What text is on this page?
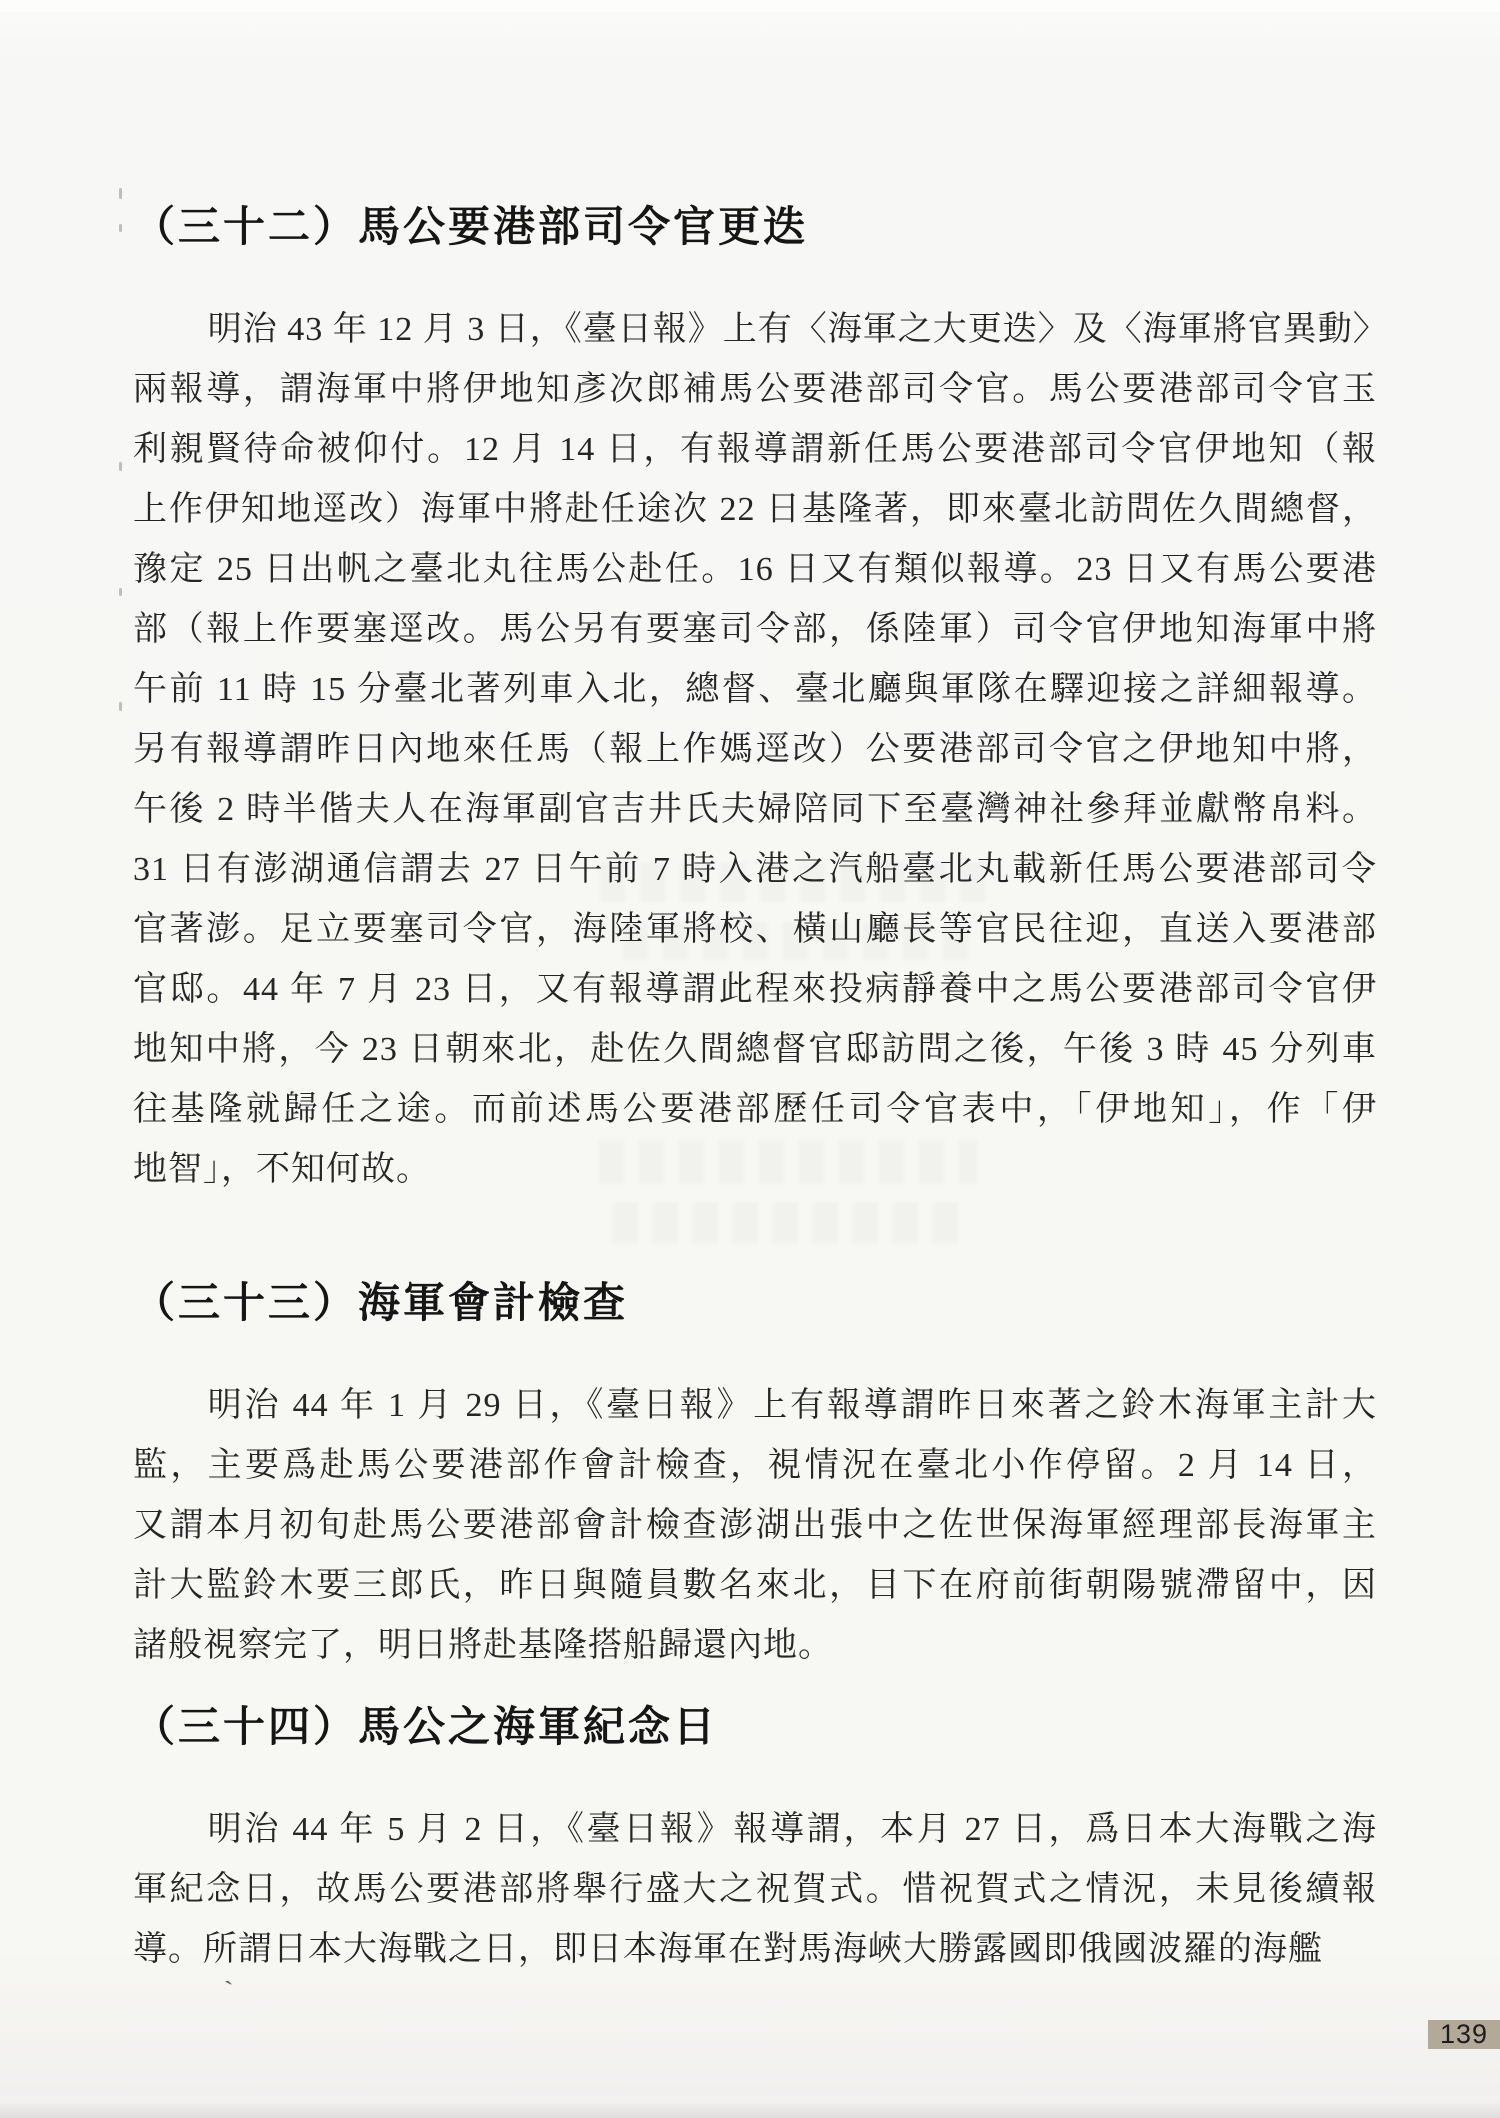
（三十二）馬公要港部司令官更迭
明治 43 年 12 月 3 日，《臺日報》上有〈海軍之大更迭〉及〈海軍將官異動〉
兩報導，謂海軍中將伊地知彥次郎補馬公要港部司令官。馬公要港部司令官玉
利親賢待命被仰付。12 月 14 日，有報導謂新任馬公要港部司令官伊地知（報
上作伊知地逕改）海軍中將赴任途次 22 日基隆著，即來臺北訪問佐久間總督，
豫定 25 日出帆之臺北丸往馬公赴任。16 日又有類似報導。23 日又有馬公要港
部（報上作要塞逕改。馬公另有要塞司令部，係陸軍）司令官伊地知海軍中將
午前 11 時 15 分臺北著列車入北，總督、臺北廳與軍隊在驛迎接之詳細報導。
另有報導謂昨日內地來任馬（報上作媽逕改）公要港部司令官之伊地知中將，
午後 2 時半偕夫人在海軍副官吉井氏夫婦陪同下至臺灣神社參拜並獻幣帛料。
31 日有澎湖通信謂去 27 日午前 7 時入港之汽船臺北丸載新任馬公要港部司令
官著澎。足立要塞司令官，海陸軍將校、橫山廳長等官民往迎，直送入要港部
官邸。44 年 7 月 23 日，又有報導謂此程來投病靜養中之馬公要港部司令官伊
地知中將，今 23 日朝來北，赴佐久間總督官邸訪問之後，午後 3 時 45 分列車
往基隆就歸任之途。而前述馬公要港部歷任司令官表中，「伊地知」，作「伊
地智」，不知何故。
（三十三）海軍會計檢查
明治 44 年 1 月 29 日，《臺日報》上有報導謂昨日來著之鈴木海軍主計大
監，主要爲赴馬公要港部作會計檢查，視情況在臺北小作停留。2 月 14 日，
又謂本月初旬赴馬公要港部會計檢查澎湖出張中之佐世保海軍經理部長海軍主
計大監鈴木要三郎氏，昨日與隨員數名來北，目下在府前街朝陽號滯留中，因
諸般視察完了，明日將赴基隆搭船歸還內地。
（三十四）馬公之海軍紀念日
明治 44 年 5 月 2 日，《臺日報》報導謂，本月 27 日，爲日本大海戰之海
軍紀念日，故馬公要港部將舉行盛大之祝賀式。惜祝賀式之情況，未見後續報
導。所謂日本大海戰之日，即日本海軍在對馬海峽大勝露國即俄國波羅的海艦
`
139
